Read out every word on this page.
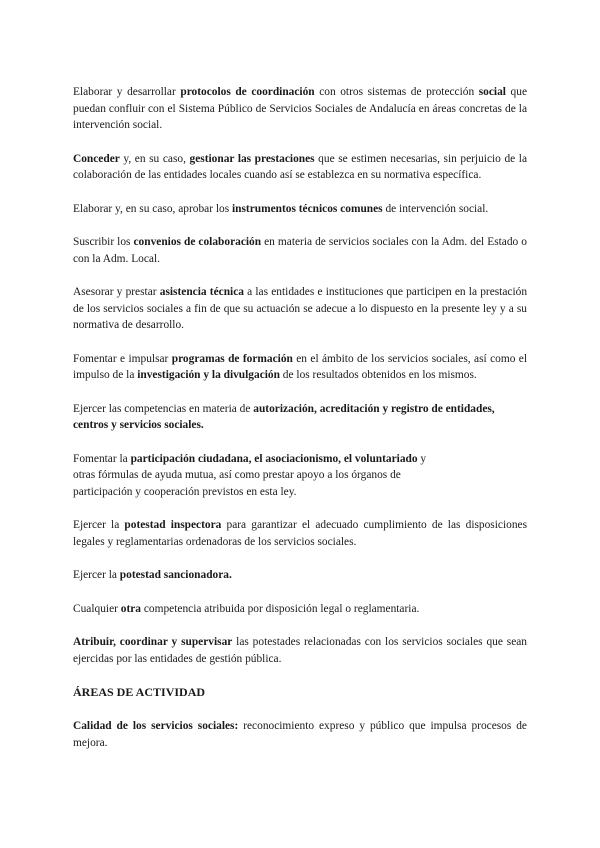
Elaborar y desarrollar protocolos de coordinación con otros sistemas de protección social que puedan confluir con el Sistema Público de Servicios Sociales de Andalucía en áreas concretas de la intervención social.

Conceder y, en su caso, gestionar las prestaciones que se estimen necesarias, sin perjuicio de la colaboración de las entidades locales cuando así se establezca en su normativa específica.

Elaborar y, en su caso, aprobar los instrumentos técnicos comunes de intervención social.

Suscribir los convenios de colaboración en materia de servicios sociales con la Adm. del Estado o con la Adm. Local.

Asesorar y prestar asistencia técnica a las entidades e instituciones que participen en la prestación de los servicios sociales a fin de que su actuación se adecue a lo dispuesto en la presente ley y a su normativa de desarrollo.

Fomentar e impulsar programas de formación en el ámbito de los servicios sociales, así como el impulso de la investigación y la divulgación de los resultados obtenidos en los mismos.

Ejercer las competencias en materia de autorización, acreditación y registro de entidades, centros y servicios sociales.

Fomentar la participación ciudadana, el asociacionismo, el voluntariado y otras fórmulas de ayuda mutua, así como prestar apoyo a los órganos de participación y cooperación previstos en esta ley.

Ejercer la potestad inspectora para garantizar el adecuado cumplimiento de las disposiciones legales y reglamentarias ordenadoras de los servicios sociales.

Ejercer la potestad sancionadora.

Cualquier otra competencia atribuida por disposición legal o reglamentaria.

Atribuir, coordinar y supervisar las potestades relacionadas con los servicios sociales que sean ejercidas por las entidades de gestión pública.

ÁREAS DE ACTIVIDAD

Calidad de los servicios sociales: reconocimiento expreso y público que impulsa procesos de mejora.
